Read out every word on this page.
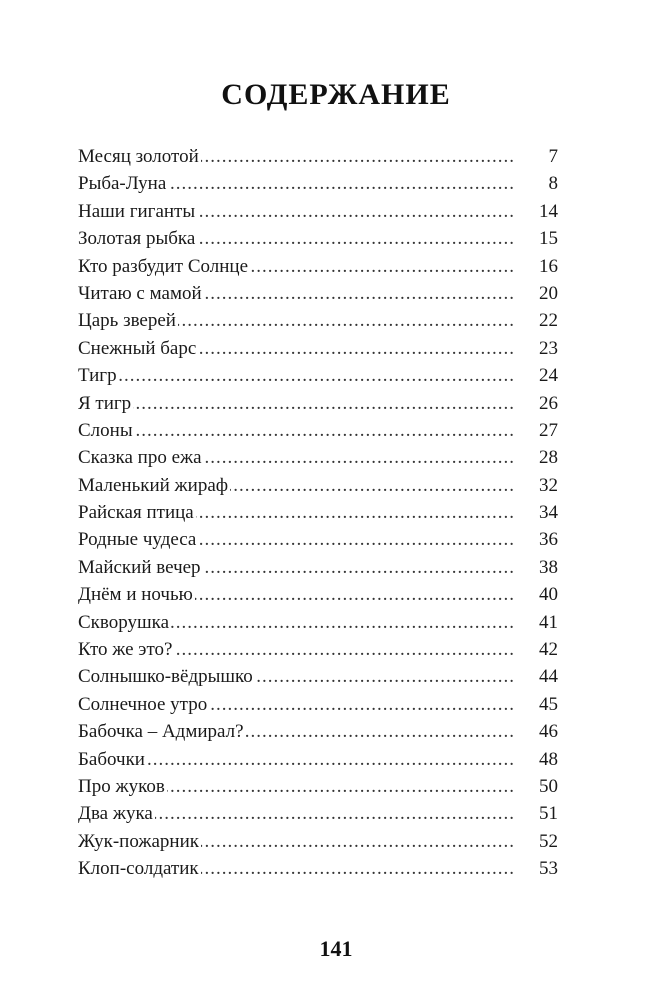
СОДЕРЖАНИЕ
.....
Месяц золотой	7
.....
Рыба-Луна	8
.....
Наши гиганты	14
.....
Золотая рыбка	15
.....
Кто разбудит Солнце	16
.....
Читаю с мамой	20
.....
Царь зверей	22
.....
Снежный барс	23
.....
Тигр	24
.....
Я тигр	26
.....
Слоны	27
.....
Сказка про ежа	28
.....
Маленький жираф	32
.....
Райская птица	34
.....
Родные чудеса	36
.....
Майский вечер	38
.....
Днём и ночью	40
.....
Скворушка	41
.....
Кто же это?	42
.....
Солнышко-вёдрышко	44
.....
Солнечное утро	45
.....
Бабочка – Адмирал?	46
.....
Бабочки	48
.....
Про жуков	50
.....
Два жука	51
.....
Жук-пожарник	52
.....
Клоп-солдатик	53
141
